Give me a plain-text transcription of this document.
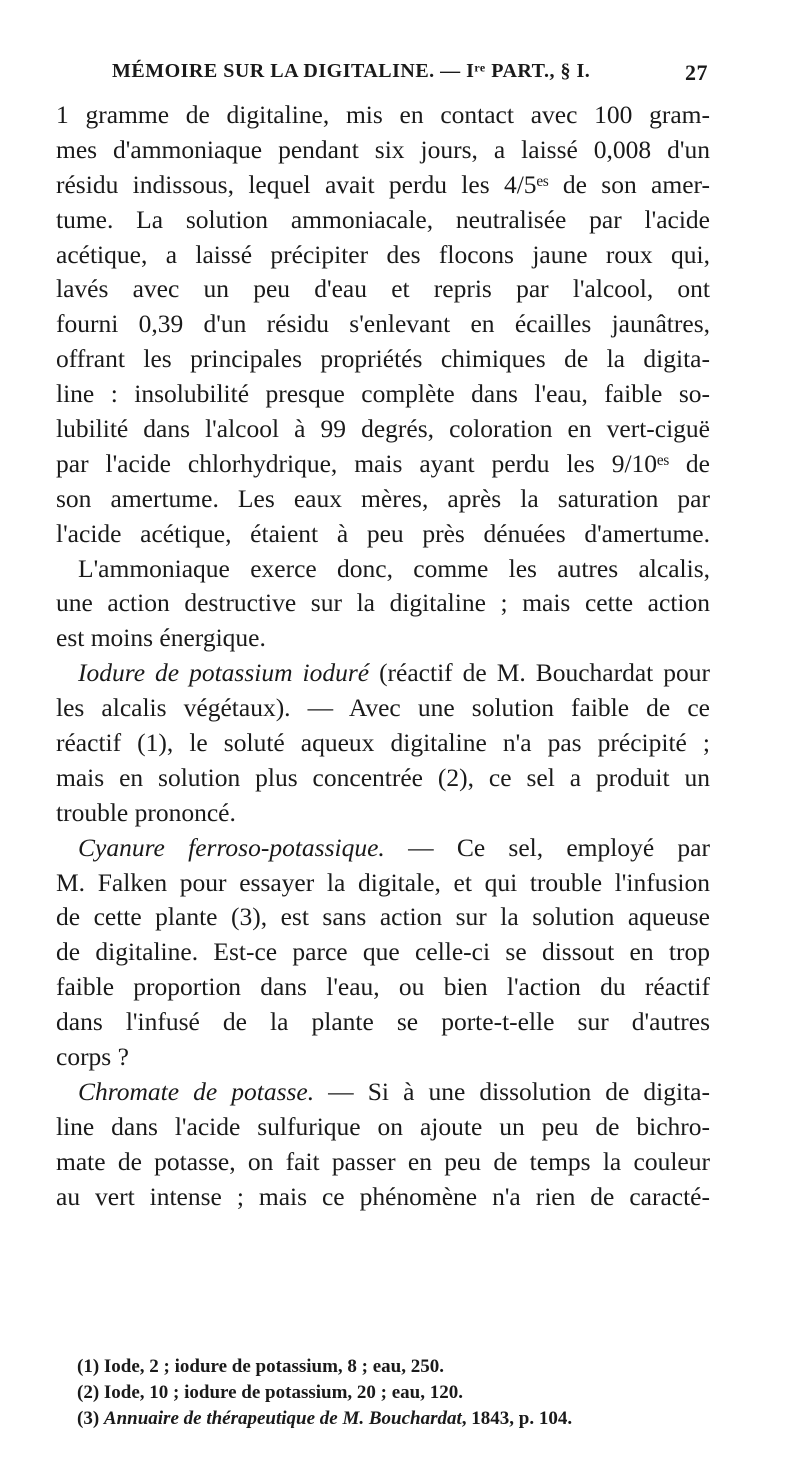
MÉMOIRE SUR LA DIGITALINE. — Iʳᵉ PART., § I.	27
1 gramme de digitaline, mis en contact avec 100 gram-
mes d'ammoniaque pendant six jours, a laissé 0,008 d'un
résidu indissous, lequel avait perdu les 4/5ᵉˢ de son amer-
tume. La solution ammoniacale, neutralisée par l'acide
acétique, a laissé précipiter des flocons jaune roux qui,
lavés avec un peu d'eau et repris par l'alcool, ont
fourni 0,39 d'un résidu s'enlevant en écailles jaunâtres,
offrant les principales propriétés chimiques de la digita-
line : insolubilité presque complète dans l'eau, faible so-
lubilité dans l'alcool à 99 degrés, coloration en vert-ciguë
par l'acide chlorhydrique, mais ayant perdu les 9/10ᵉˢ de
son amertume. Les eaux mères, après la saturation par
l'acide acétique, étaient à peu près dénuées d'amertume.
L'ammoniaque exerce donc, comme les autres alcalis,
une action destructive sur la digitaline ; mais cette action
est moins énergique.
Iodure de potassium ioduré (réactif de M. Bouchardat pour
les alcalis végétaux). — Avec une solution faible de ce
réactif (1), le soluté aqueux digitaline n'a pas précipité ;
mais en solution plus concentrée (2), ce sel a produit un
trouble prononcé.
Cyanure ferroso-potassique. — Ce sel, employé par
M. Falken pour essayer la digitale, et qui trouble l'infusion
de cette plante (3), est sans action sur la solution aqueuse
de digitaline. Est-ce parce que celle-ci se dissout en trop
faible proportion dans l'eau, ou bien l'action du réactif
dans l'infusé de la plante se porte-t-elle sur d'autres
corps ?
Chromate de potasse. — Si à une dissolution de digita-
line dans l'acide sulfurique on ajoute un peu de bichro-
mate de potasse, on fait passer en peu de temps la couleur
au vert intense ; mais ce phénomène n'a rien de caracté-
(1) Iode, 2 ; iodure de potassium, 8 ; eau, 250.
(2) Iode, 10 ; iodure de potassium, 20 ; eau, 120.
(3) Annuaire de thérapeutique de M. Bouchardat, 1843, p. 104.
